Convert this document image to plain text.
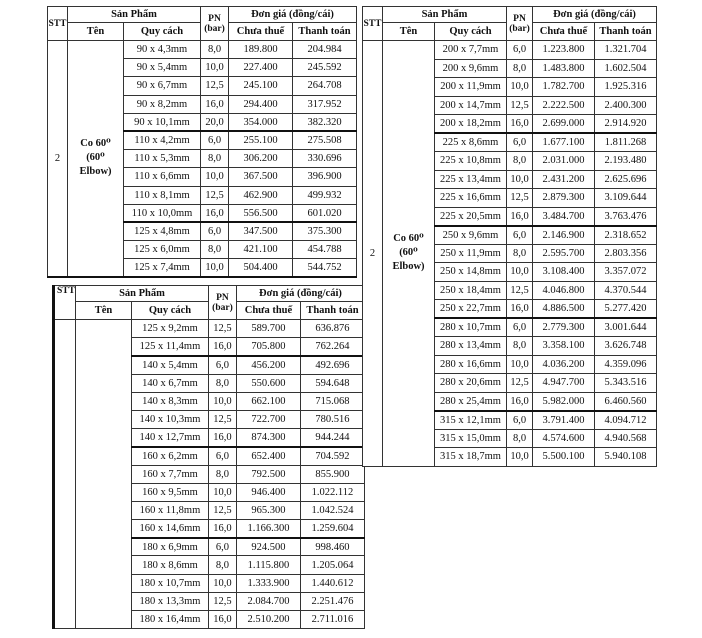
STT	Sản Phẩm		PN
(bar)	Đơn giá (đồng/cái)	
	Tên	Quy cách		Chưa thuế	Thanh toán
2	Co 60⁰
(60⁰
Elbow)	90 x 4,3mm	8,0	189.800	204.984
		90 x 5,4mm	10,0	227.400	245.592
		90 x 6,7mm	12,5	245.100	264.708
		90 x 8,2mm	16,0	294.400	317.952
		90 x 10,1mm	20,0	354.000	382.320
		110 x 4,2mm	6,0	255.100	275.508
		110 x 5,3mm	8,0	306.200	330.696
		110 x 6,6mm	10,0	367.500	396.900
		110 x 8,1mm	12,5	462.900	499.932
		110 x 10,0mm	16,0	556.500	601.020
		125 x 4,8mm	6,0	347.500	375.300
		125 x 6,0mm	8,0	421.100	454.788
		125 x 7,4mm	10,0	504.400	544.752
STT	Sản Phẩm		PN
(bar)	Đơn giá (đồng/cái)	
	Tên	Quy cách		Chưa thuế	Thanh toán
		125 x 9,2mm	12,5	589.700	636.876
		125 x 11,4mm	16,0	705.800	762.264
		140 x 5,4mm	6,0	456.200	492.696
		140 x 6,7mm	8,0	550.600	594.648
		140 x 8,3mm	10,0	662.100	715.068
		140 x 10,3mm	12,5	722.700	780.516
		140 x 12,7mm	16,0	874.300	944.244
		160 x 6,2mm	6,0	652.400	704.592
		160 x 7,7mm	8,0	792.500	855.900
		160 x 9,5mm	10,0	946.400	1.022.112
		160 x 11,8mm	12,5	965.300	1.042.524
		160 x 14,6mm	16,0	1.166.300	1.259.604
		180 x 6,9mm	6,0	924.500	998.460
		180 x 8,6mm	8,0	1.115.800	1.205.064
		180 x 10,7mm	10,0	1.333.900	1.440.612
		180 x 13,3mm	12,5	2.084.700	2.251.476
		180 x 16,4mm	16,0	2.510.200	2.711.016
STT	Sản Phẩm		PN
(bar)	Đơn giá (đồng/cái)	
	Tên	Quy cách		Chưa thuế	Thanh toán
2	Co 60⁰
(60⁰
Elbow)	200 x 7,7mm	6,0	1.223.800	1.321.704
		200 x 9,6mm	8,0	1.483.800	1.602.504
		200 x 11,9mm	10,0	1.782.700	1.925.316
		200 x 14,7mm	12,5	2.222.500	2.400.300
		200 x 18,2mm	16,0	2.699.000	2.914.920
		225 x 8,6mm	6,0	1.677.100	1.811.268
		225 x 10,8mm	8,0	2.031.000	2.193.480
		225 x 13,4mm	10,0	2.431.200	2.625.696
		225 x 16,6mm	12,5	2.879.300	3.109.644
		225 x 20,5mm	16,0	3.484.700	3.763.476
		250 x 9,6mm	6,0	2.146.900	2.318.652
		250 x 11,9mm	8,0	2.595.700	2.803.356
		250 x 14,8mm	10,0	3.108.400	3.357.072
		250 x 18,4mm	12,5	4.046.800	4.370.544
		250 x 22,7mm	16,0	4.886.500	5.277.420
		280 x 10,7mm	6,0	2.779.300	3.001.644
		280 x 13,4mm	8,0	3.358.100	3.626.748
		280 x 16,6mm	10,0	4.036.200	4.359.096
		280 x 20,6mm	12,5	4.947.700	5.343.516
		280 x 25,4mm	16,0	5.982.000	6.460.560
		315 x 12,1mm	6,0	3.791.400	4.094.712
		315 x 15,0mm	8,0	4.574.600	4.940.568
		315 x 18,7mm	10,0	5.500.100	5.940.108
